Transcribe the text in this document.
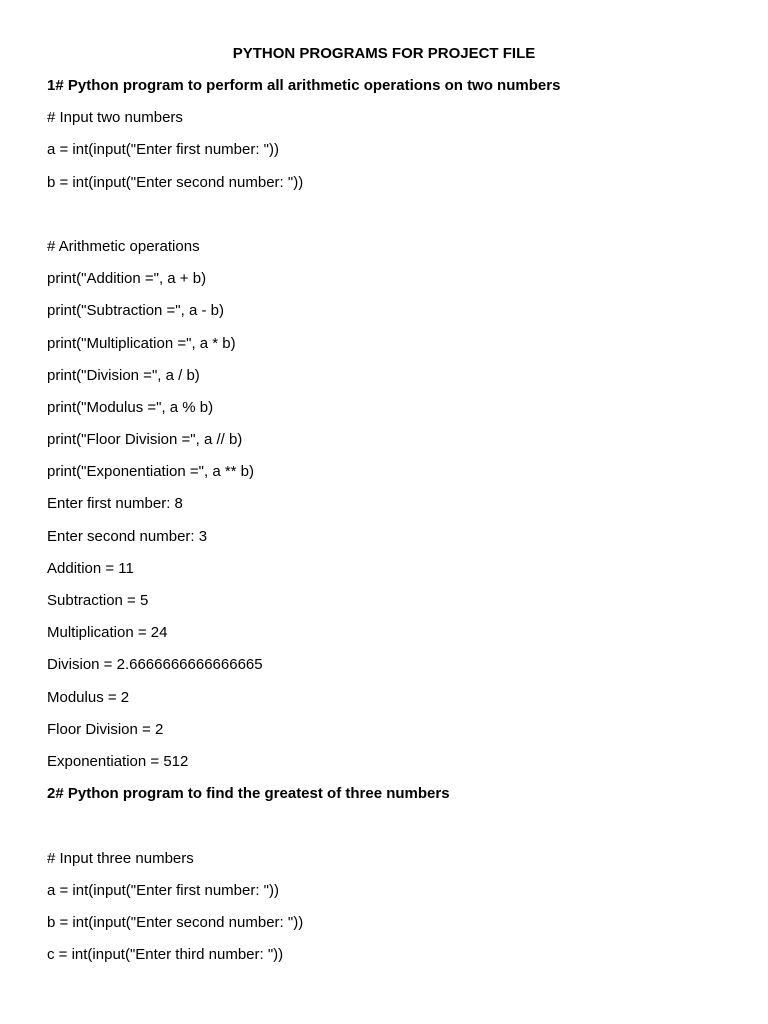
PYTHON PROGRAMS FOR PROJECT FILE
1# Python program to perform all arithmetic operations on two numbers
# Input two numbers
a = int(input("Enter first number: "))
b = int(input("Enter second number: "))
# Arithmetic operations
print("Addition =", a + b)
print("Subtraction =", a - b)
print("Multiplication =", a * b)
print("Division =", a / b)
print("Modulus =", a % b)
print("Floor Division =", a // b)
print("Exponentiation =", a ** b)
Enter first number: 8
Enter second number: 3
Addition = 11
Subtraction = 5
Multiplication = 24
Division = 2.6666666666666665
Modulus = 2
Floor Division = 2
Exponentiation = 512
2# Python program to find the greatest of three numbers
# Input three numbers
a = int(input("Enter first number: "))
b = int(input("Enter second number: "))
c = int(input("Enter third number: "))
